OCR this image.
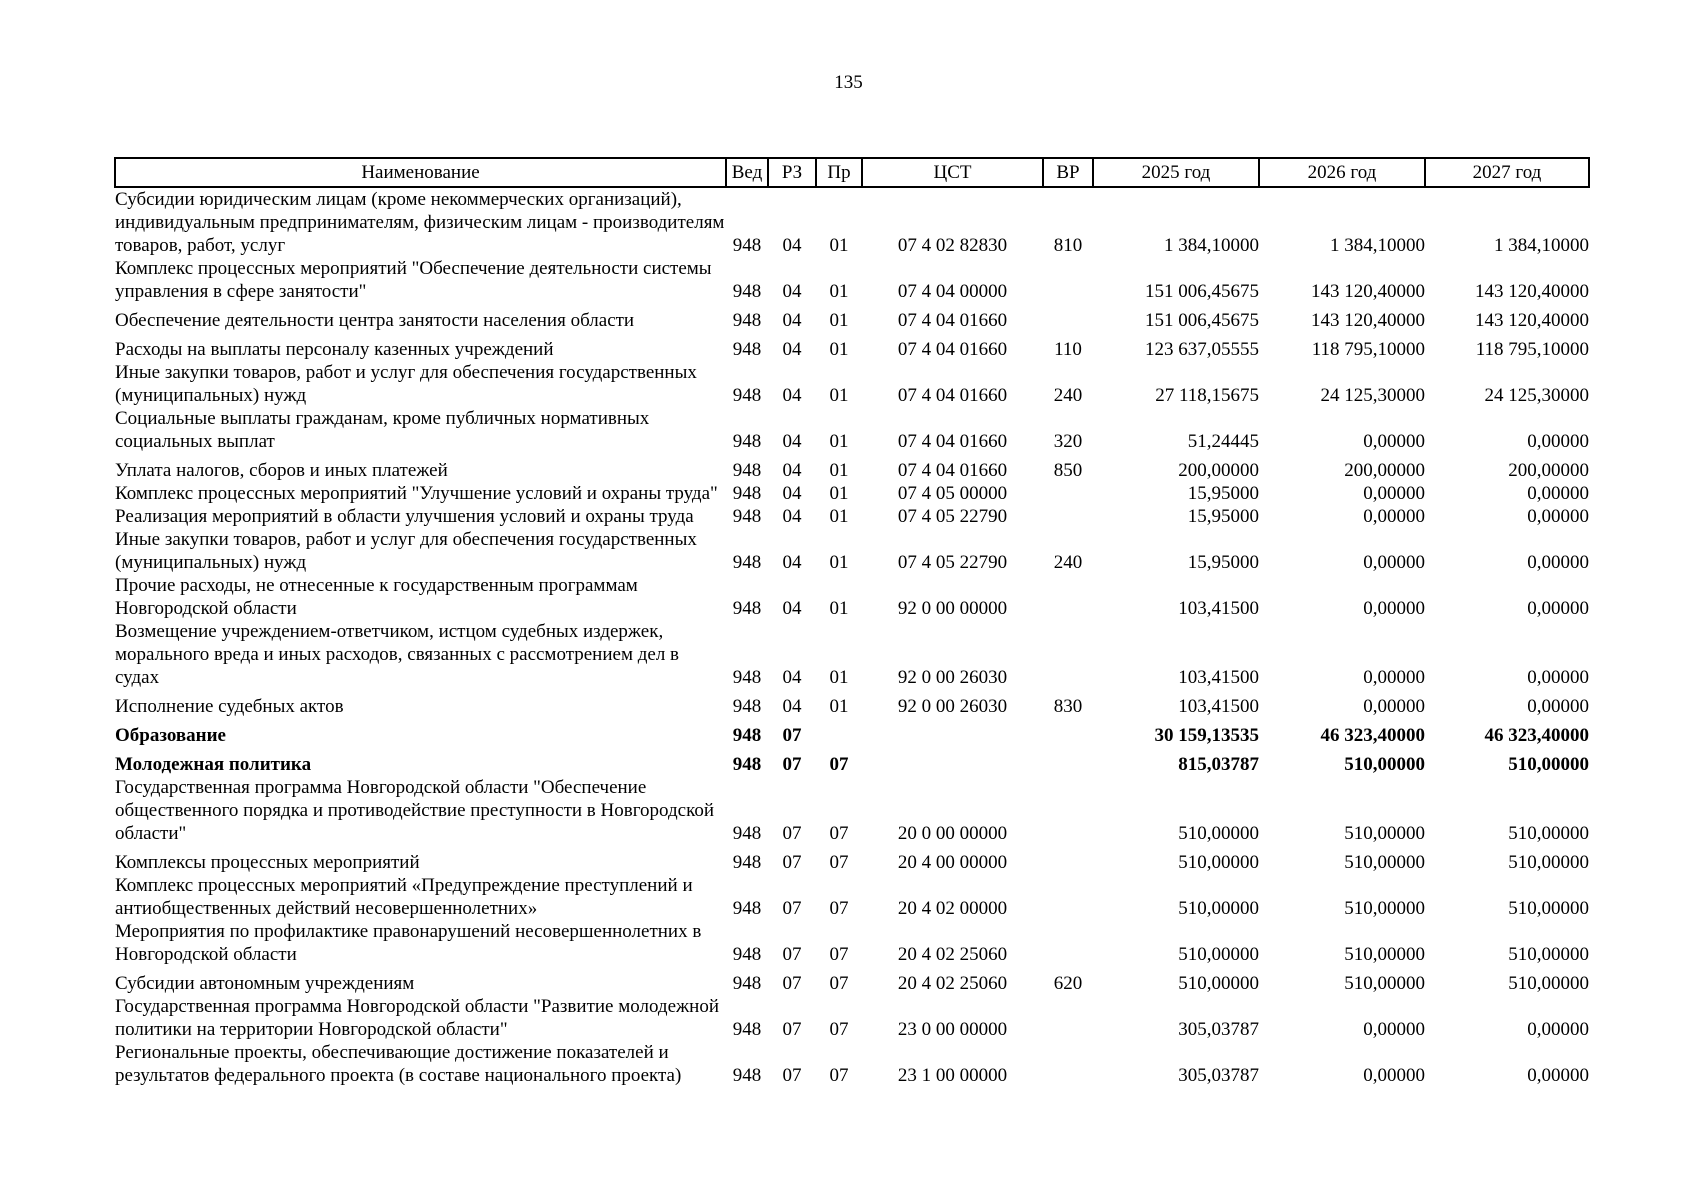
135
Наименование	Вед	РЗ	Пр	ЦСТ	ВР	2025 год	2026 год	2027 год
Субсидии юридическим лицам (кроме некоммерческих организаций), индивидуальным предпринимателям, физическим лицам - производителям товаров, работ, услуг	948	04	01	07 4 02 82830	810	1 384,10000	1 384,10000	1 384,10000
Комплекс процессных мероприятий "Обеспечение деятельности системы управления в сфере занятости"	948	04	01	07 4 04 00000		151 006,45675	143 120,40000	143 120,40000
Обеспечение деятельности центра занятости населения области	948	04	01	07 4 04 01660		151 006,45675	143 120,40000	143 120,40000
Расходы на выплаты персоналу казенных учреждений	948	04	01	07 4 04 01660	110	123 637,05555	118 795,10000	118 795,10000
Иные закупки товаров, работ и услуг для обеспечения государственных (муниципальных) нужд	948	04	01	07 4 04 01660	240	27 118,15675	24 125,30000	24 125,30000
Социальные выплаты гражданам, кроме публичных нормативных социальных выплат	948	04	01	07 4 04 01660	320	51,24445	0,00000	0,00000
Уплата налогов, сборов и иных платежей	948	04	01	07 4 04 01660	850	200,00000	200,00000	200,00000
Комплекс процессных мероприятий "Улучшение условий и охраны труда"	948	04	01	07 4 05 00000		15,95000	0,00000	0,00000
Реализация мероприятий в области улучшения условий и охраны труда	948	04	01	07 4 05 22790		15,95000	0,00000	0,00000
Иные закупки товаров, работ и услуг для обеспечения государственных (муниципальных) нужд	948	04	01	07 4 05 22790	240	15,95000	0,00000	0,00000
Прочие расходы, не отнесенные к государственным программам Новгородской области	948	04	01	92 0 00 00000		103,41500	0,00000	0,00000
Возмещение учреждением-ответчиком, истцом судебных издержек, морального вреда и иных расходов, связанных с рассмотрением дел в судах	948	04	01	92 0 00 26030		103,41500	0,00000	0,00000
Исполнение судебных актов	948	04	01	92 0 00 26030	830	103,41500	0,00000	0,00000
Образование	948	07				30 159,13535	46 323,40000	46 323,40000
Молодежная политика	948	07	07			815,03787	510,00000	510,00000
Государственная программа Новгородской области "Обеспечение общественного порядка и противодействие преступности в Новгородской области"	948	07	07	20 0 00 00000		510,00000	510,00000	510,00000
Комплексы процессных мероприятий	948	07	07	20 4 00 00000		510,00000	510,00000	510,00000
Комплекс процессных мероприятий «Предупреждение преступлений и антиобщественных действий несовершеннолетних»	948	07	07	20 4 02 00000		510,00000	510,00000	510,00000
Мероприятия по профилактике правонарушений несовершеннолетних в Новгородской области	948	07	07	20 4 02 25060		510,00000	510,00000	510,00000
Субсидии автономным учреждениям	948	07	07	20 4 02 25060	620	510,00000	510,00000	510,00000
Государственная программа Новгородской области "Развитие молодежной политики на территории Новгородской области"	948	07	07	23 0 00 00000		305,03787	0,00000	0,00000
Региональные проекты, обеспечивающие достижение показателей и результатов федерального проекта (в составе национального проекта)	948	07	07	23 1 00 00000		305,03787	0,00000	0,00000
